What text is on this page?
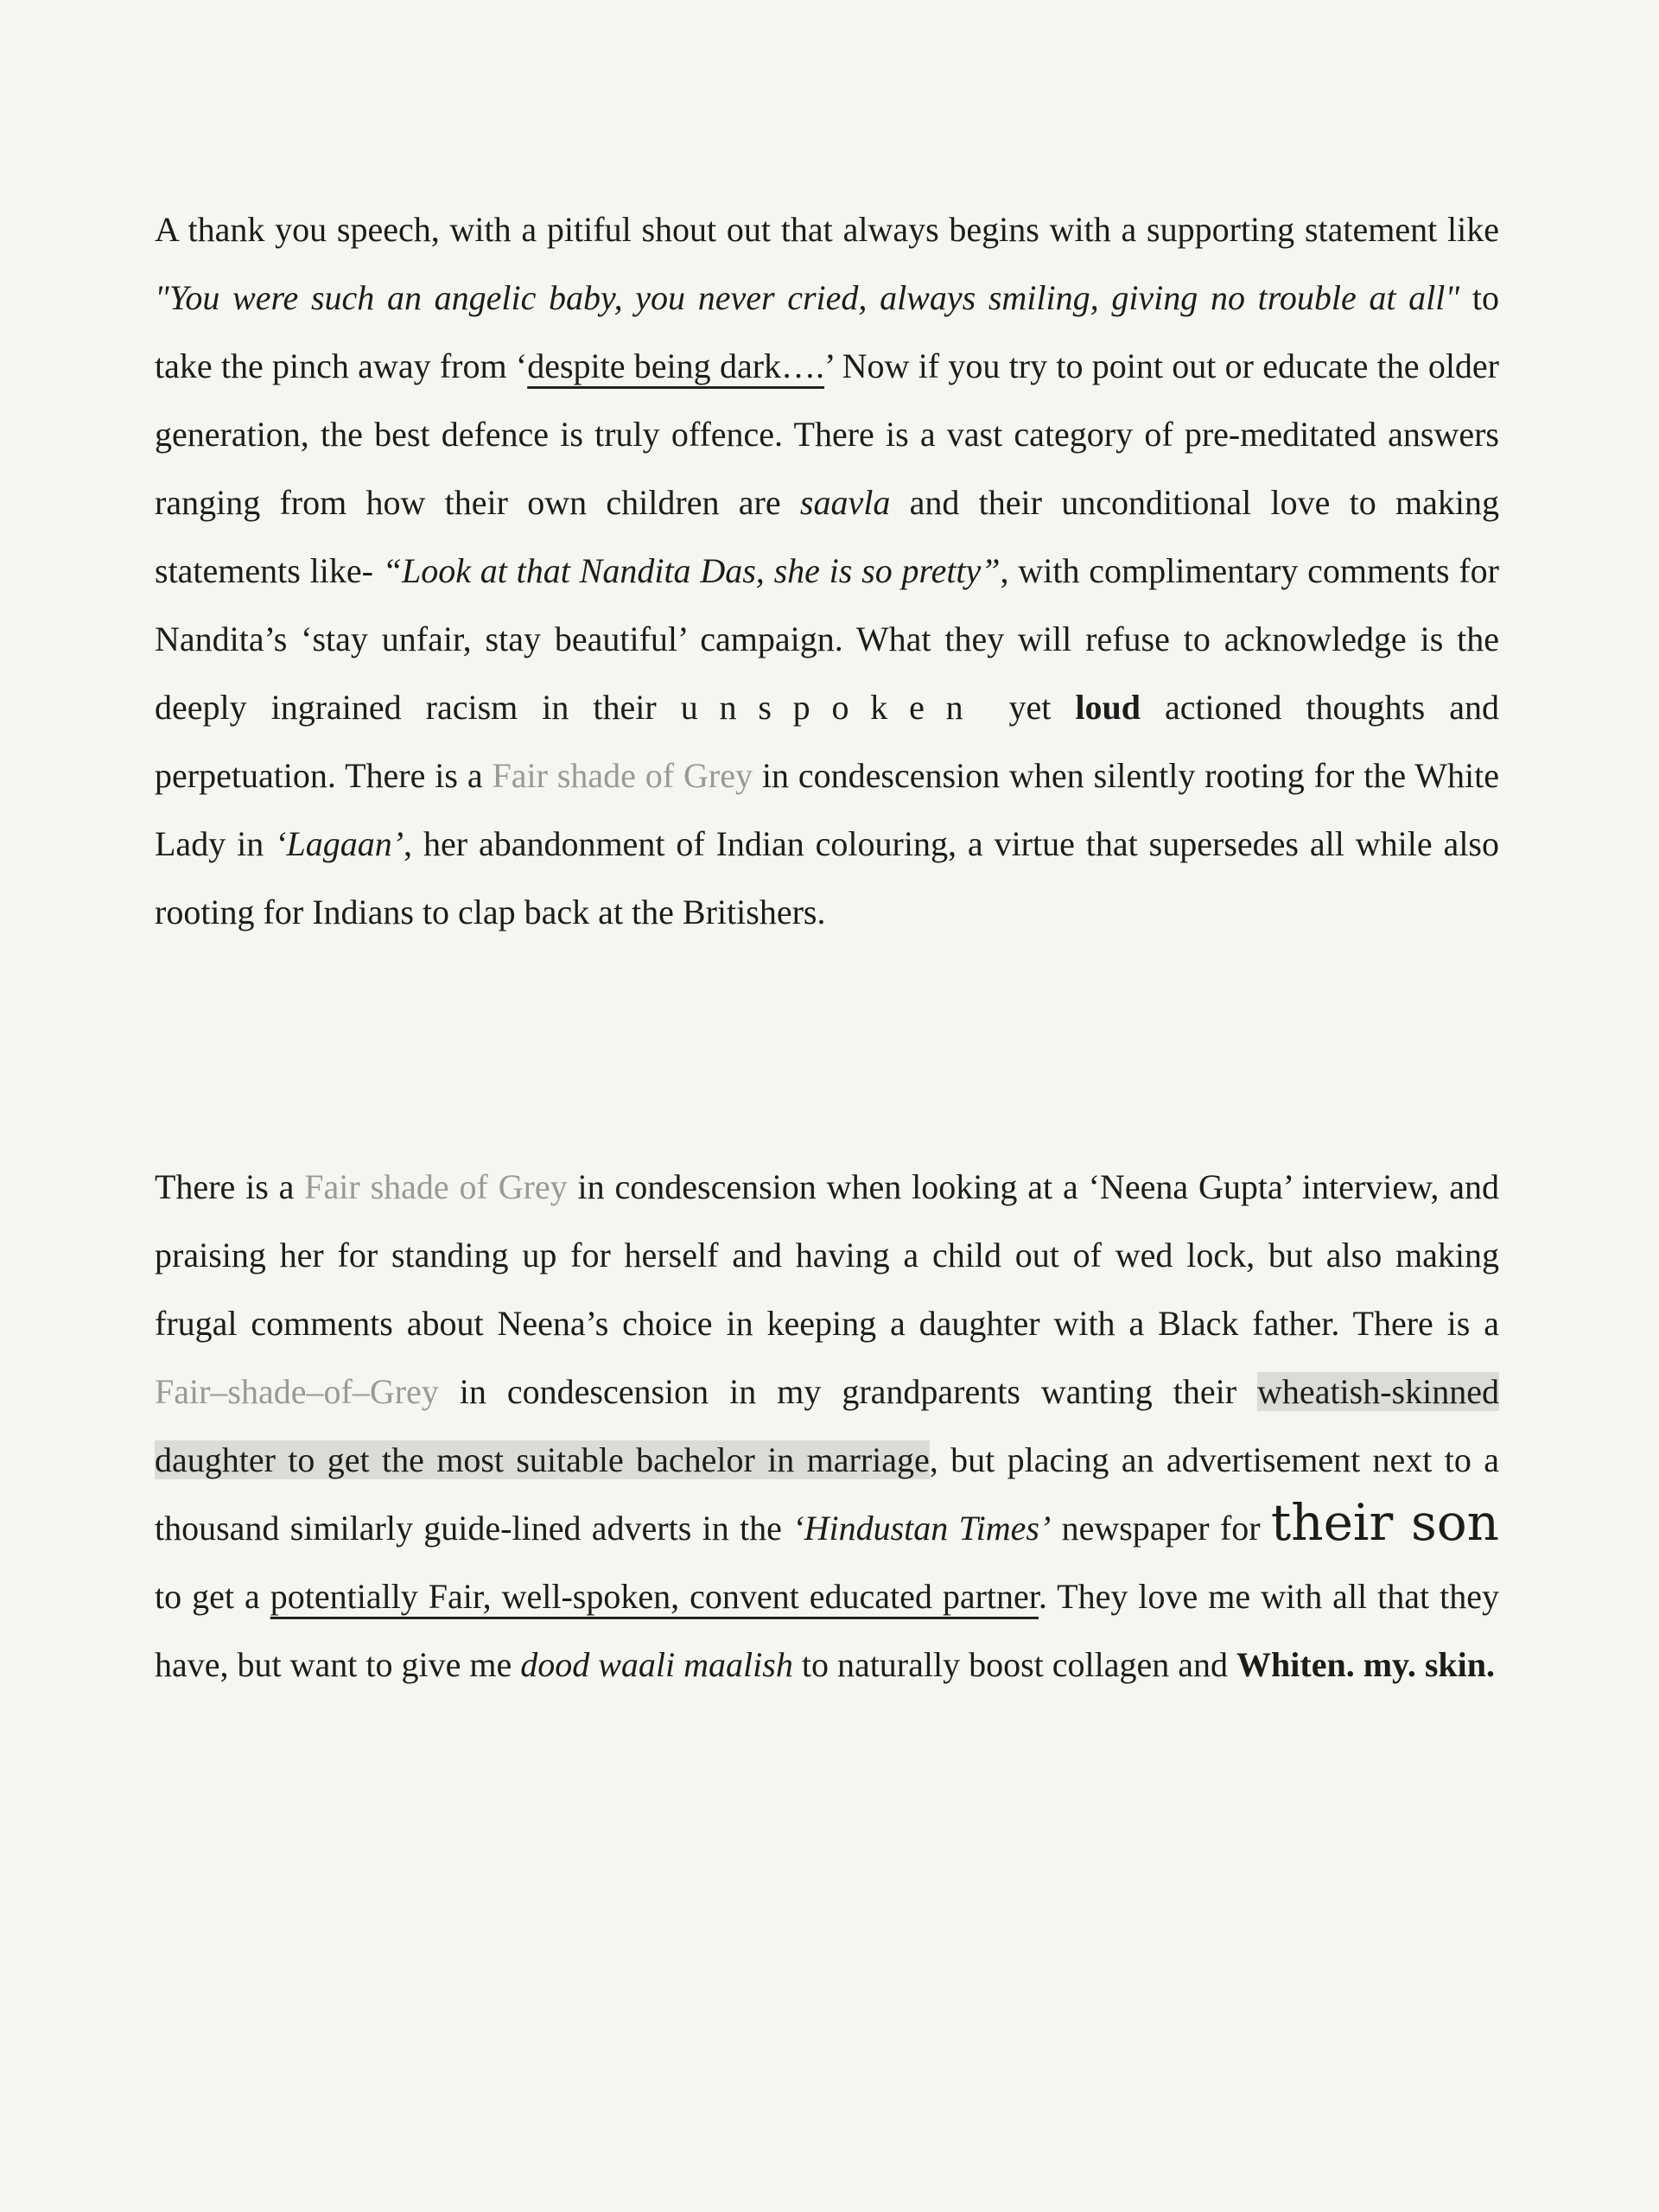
A thank you speech, with a pitiful shout out that always begins with a supporting statement like "You were such an angelic baby, you never cried, always smiling, giving no trouble at all" to take the pinch away from ‘despite being dark….’ Now if you try to point out or educate the older generation, the best defence is truly offence. There is a vast category of pre-meditated answers ranging from how their own children are saavla and their unconditional love to making statements like- “Look at that Nandita Das, she is so pretty”, with complimentary comments for Nandita’s ‘stay unfair, stay beautiful’ campaign. What they will refuse to acknowledge is the deeply ingrained racism in their unspoken yet loud actioned thoughts and perpetuation. There is a Fair shade of Grey in condescension when silently rooting for the White Lady in ‘Lagaan’, her abandonment of Indian colouring, a virtue that supersedes all while also rooting for Indians to clap back at the Britishers.

There is a Fair shade of Grey in condescension when looking at a ‘Neena Gupta’ interview, and praising her for standing up for herself and having a child out of wed lock, but also making frugal comments about Neena’s choice in keeping a daughter with a Black father. There is a Fair–shade–of–Grey in condescension in my grandparents wanting their wheatish-skinned daughter to get the most suitable bachelor in marriage, but placing an advertisement next to a thousand similarly guide-lined adverts in the ‘Hindustan Times’ newspaper for their son to get a potentially Fair, well-spoken, convent educated partner. They love me with all that they have, but want to give me dood waali maalish to naturally boost collagen and Whiten. my. skin.
